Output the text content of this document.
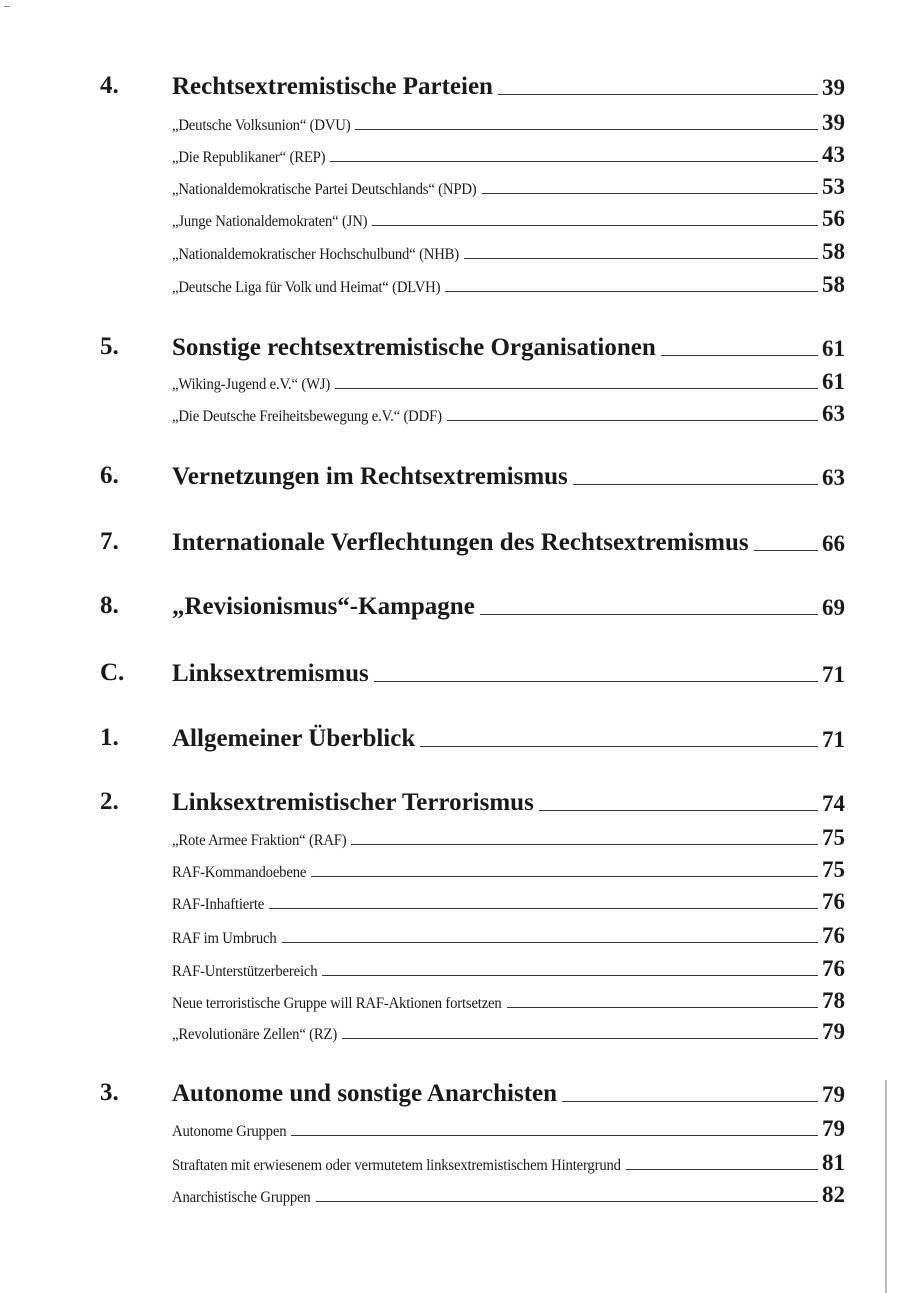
4. Rechtsextremistische Parteien	39
„Deutsche Volksunion“ (DVU)	39
„Die Republikaner“ (REP)	43
„Nationaldemokratische Partei Deutschlands“ (NPD)	53
„Junge Nationaldemokraten“ (JN)	56
„Nationaldemokratischer Hochschulbund“ (NHB)	58
„Deutsche Liga für Volk und Heimat“ (DLVH)	58
5. Sonstige rechtsextremistische Organisationen	61
„Wiking-Jugend e.V.“ (WJ)	61
„Die Deutsche Freiheitsbewegung e.V.“ (DDF)	63
6. Vernetzungen im Rechtsextremismus	63
7. Internationale Verflechtungen des Rechtsextremismus	66
8. „Revisionismus“-Kampagne	69
C. Linksextremismus	71
1. Allgemeiner Überblick	71
2. Linksextremistischer Terrorismus	74
„Rote Armee Fraktion“ (RAF)	75
RAF-Kommandoebene	75
RAF-Inhaftierte	76
RAF im Umbruch	76
RAF-Unterstützerbereich	76
Neue terroristische Gruppe will RAF-Aktionen fortsetzen	78
„Revolutionäre Zellen“ (RZ)	79
3. Autonome und sonstige Anarchisten	79
Autonome Gruppen	79
Straftaten mit erwiesenem oder vermutetem linksextremistischem Hintergrund	81
Anarchistische Gruppen	82
